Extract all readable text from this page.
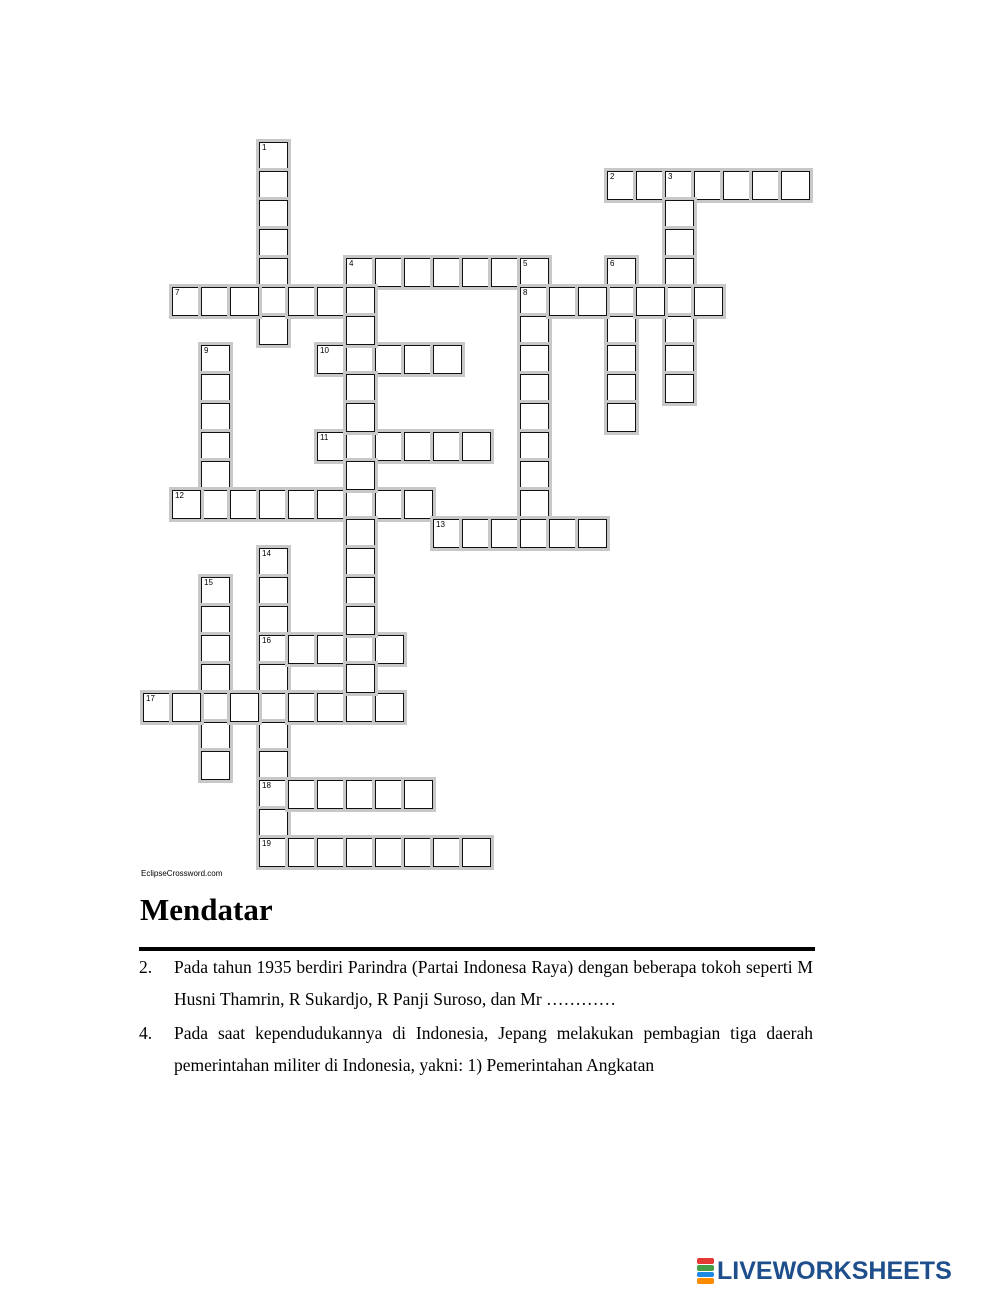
1
2	3
4	5
8
6
7
9	10
11
12
13
14
16
18
19
15
17
EclipseCrossword.com
Mendatar
2. Pada tahun 1935 berdiri Parindra (Partai Indonesa Raya) dengan beberapa tokoh seperti M Husni Thamrin, R Sukardjo, R Panji Suroso, dan Mr …………
4. Pada saat kependudukannya di Indonesia, Jepang melakukan pembagian tiga daerah pemerintahan militer di Indonesia, yakni: 1) Pemerintahan Angkatan
LIVEWORKSHEETS
